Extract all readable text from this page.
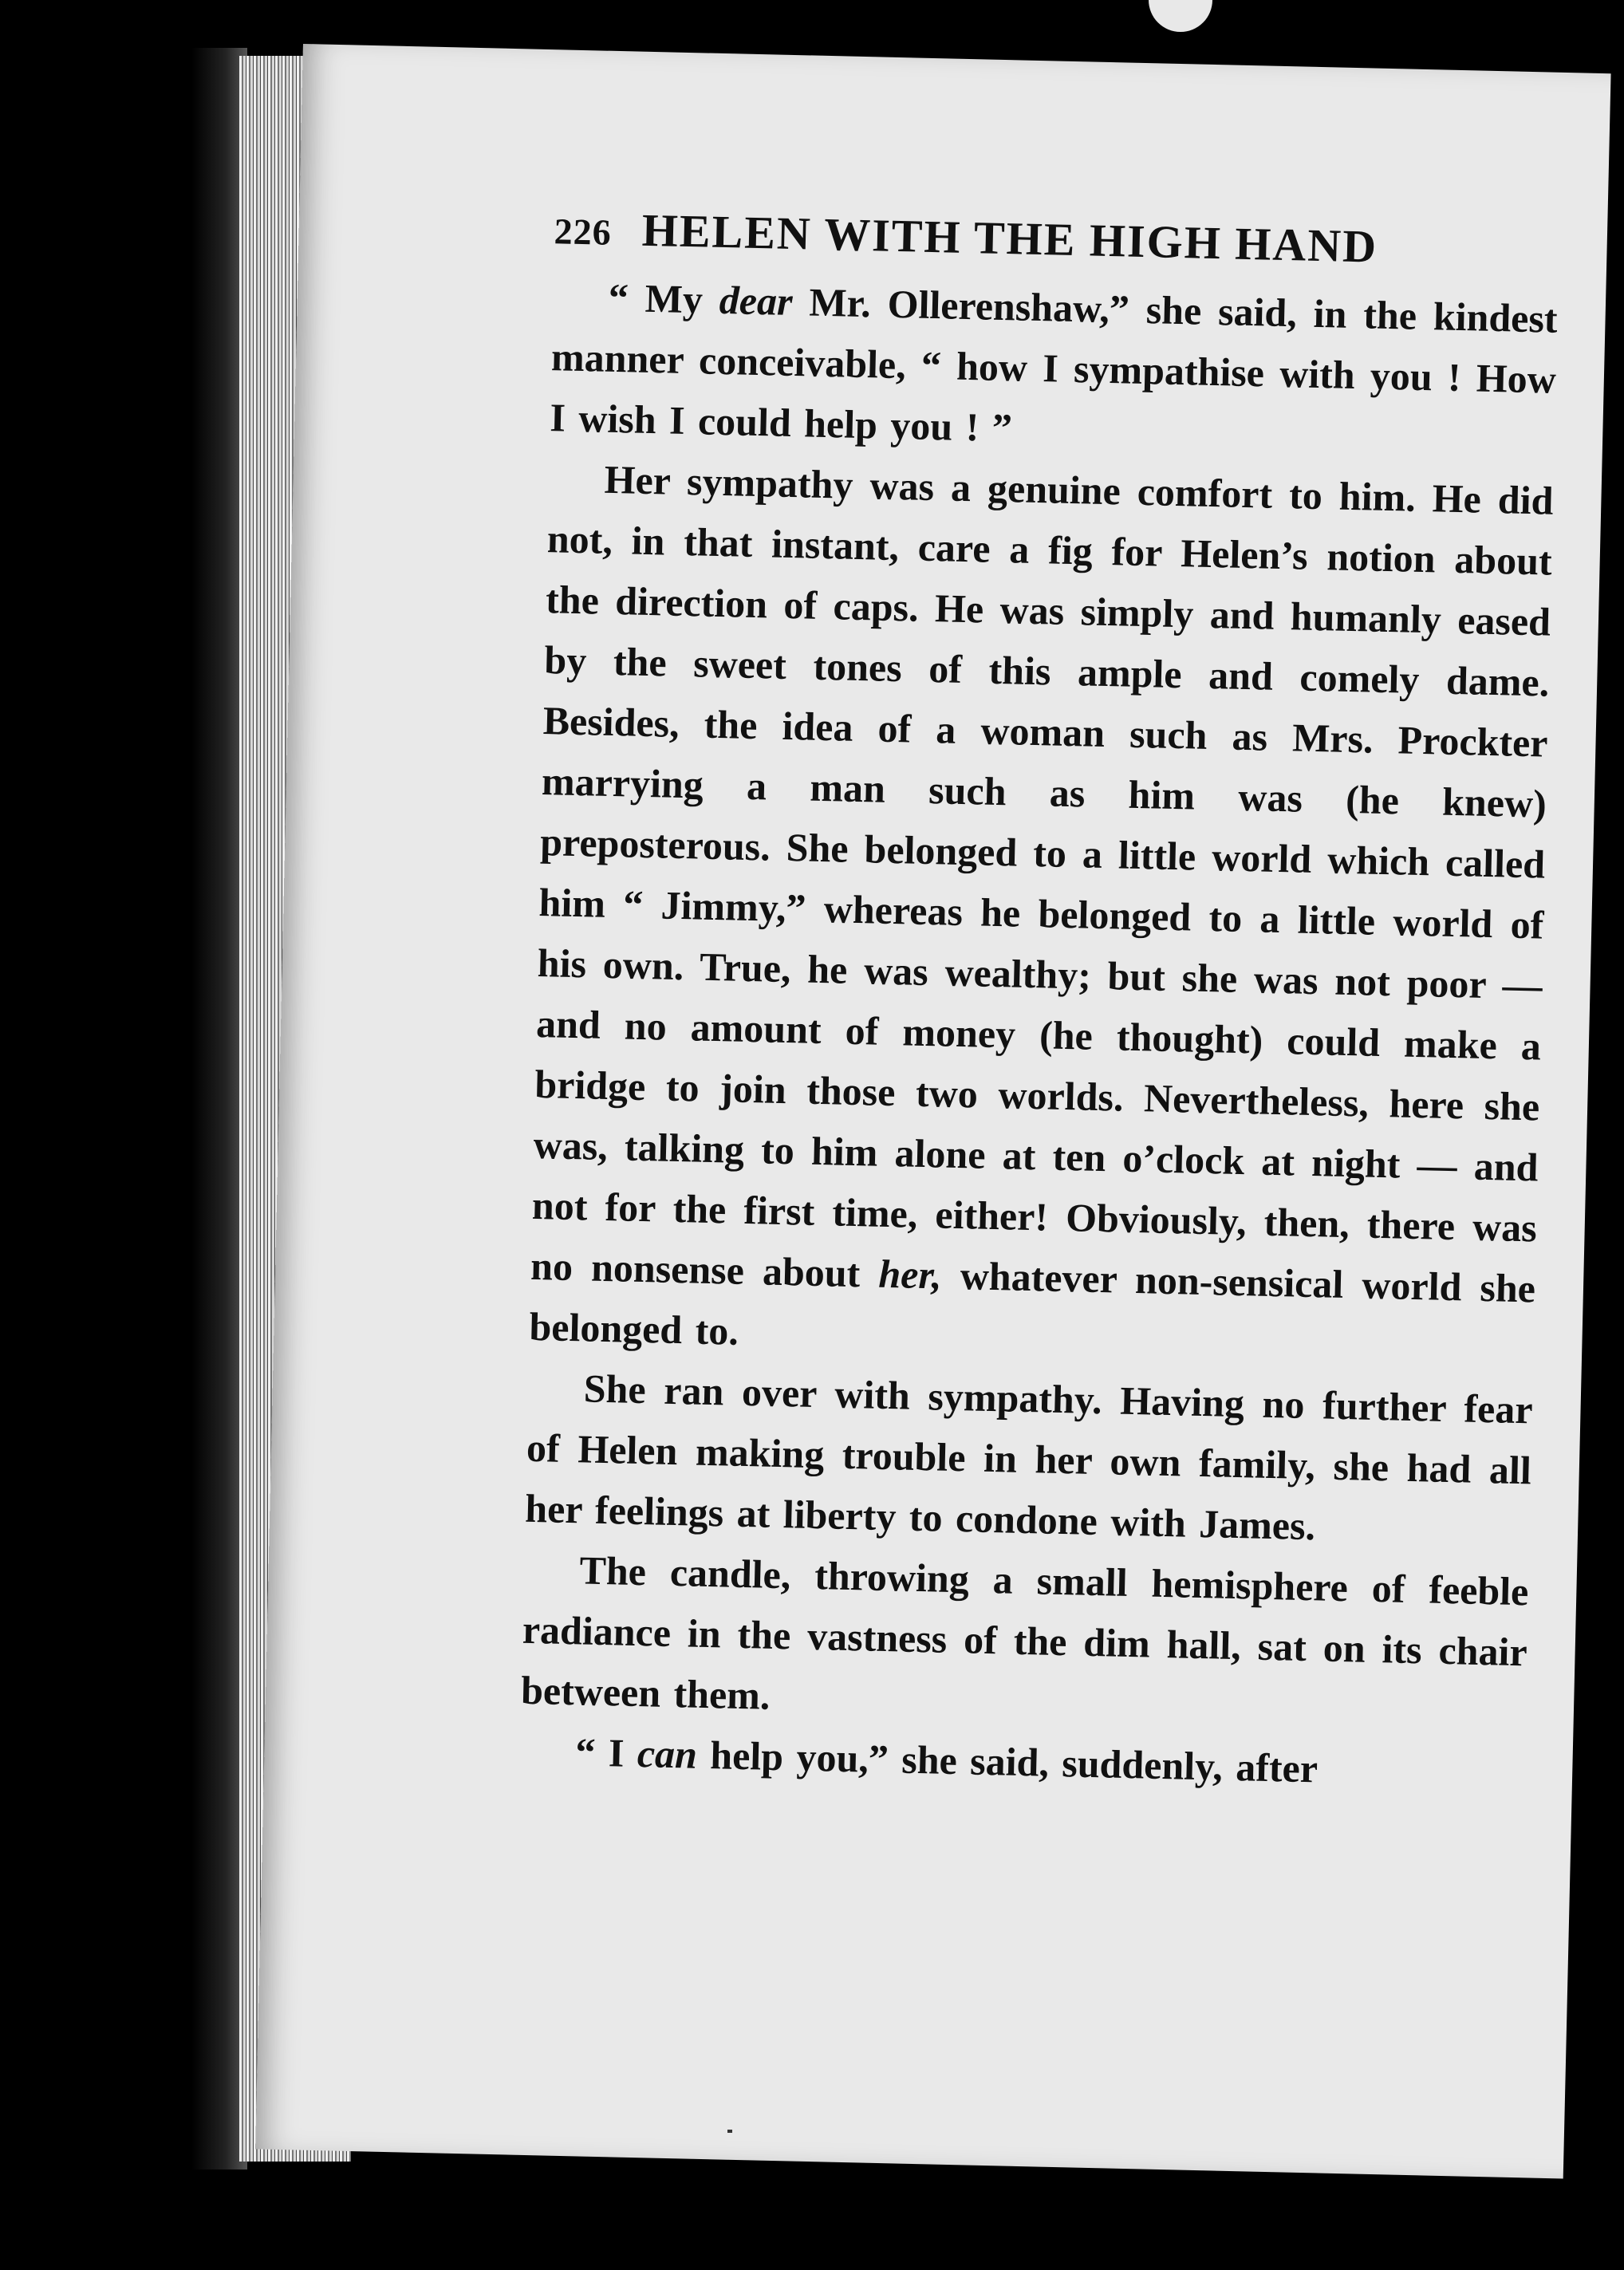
226 HELEN WITH THE HIGH HAND

“ My dear Mr. Ollerenshaw,” she said, in the kindest manner conceivable, “ how I sympathise with you ! How I wish I could help you ! ”

Her sympathy was a genuine comfort to him. He did not, in that instant, care a fig for Helen’s notion about the direction of caps. He was simply and humanly eased by the sweet tones of this ample and comely dame. Besides, the idea of a woman such as Mrs. Prockter marrying a man such as him was (he knew) preposterous. She belonged to a little world which called him “ Jimmy,” whereas he belonged to a little world of his own. True, he was wealthy; but she was not poor — and no amount of money (he thought) could make a bridge to join those two worlds. Nevertheless, here she was, talking to him alone at ten o’clock at night — and not for the first time, either! Obviously, then, there was no nonsense about her, whatever non-sensical world she belonged to.

She ran over with sympathy. Having no further fear of Helen making trouble in her own family, she had all her feelings at liberty to condone with James.

The candle, throwing a small hemisphere of feeble radiance in the vastness of the dim hall, sat on its chair between them.

“ I can help you,” she said, suddenly, after
